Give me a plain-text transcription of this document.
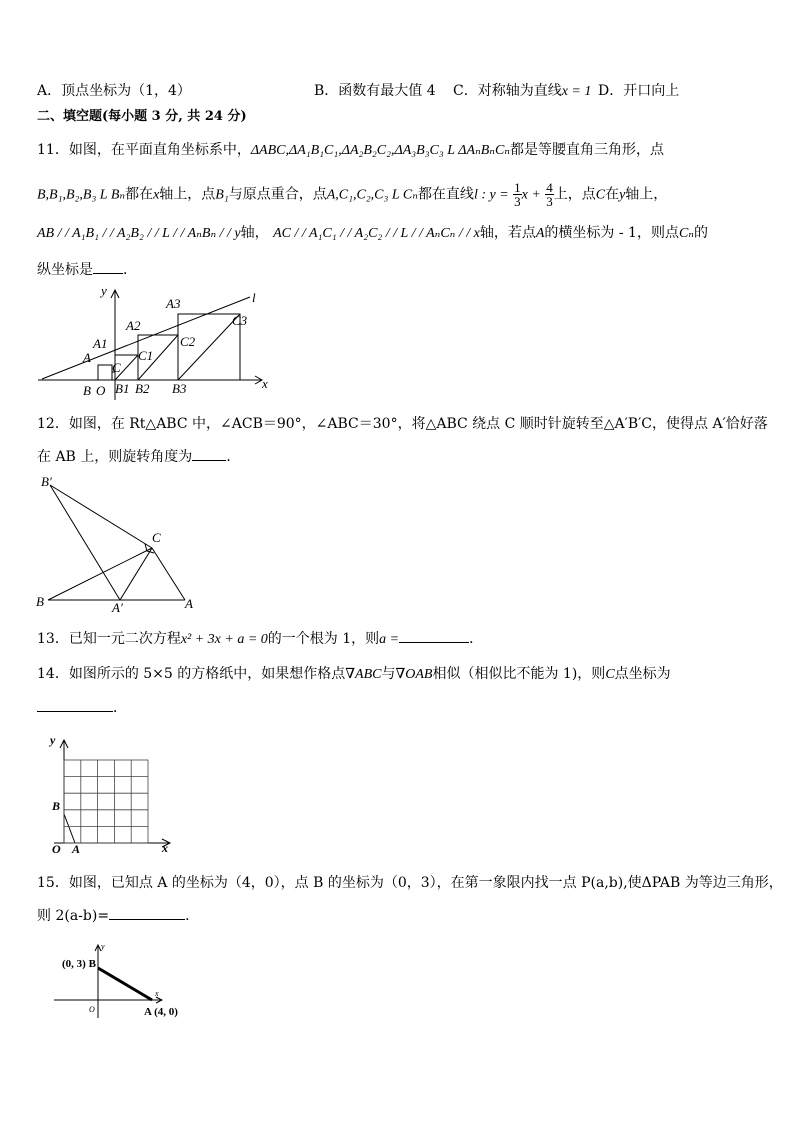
A．顶点坐标为（1，4）	B．函数有最大值 4 C．对称轴为直线x = 1 D．开口向上
二、填空题(每小题 3 分, 共 24 分)
11．如图，在平面直角坐标系中，ΔABC,ΔA₁B₁C₁,ΔA₂B₂C₂,ΔA₃B₃C₃ L ΔAₙBₙCₙ都是等腰直角三角形，点
B,B₁,B₂,B₃ L Bₙ都在x轴上，点B₁与原点重合，点A,C₁,C₂,C₃ L Cₙ都在直线l : $y = \frac{1}{3}$ $x + \frac{4}{3}$ 上，点C在y轴上，
AB / / A₁B₁ / / A₂B₂ / / L / / AₙBₙ / / y轴， AC / / A₁C₁ / / A₂C₂ / / L / / AₙCₙ / / x轴，若点A的横坐标为 - 1，则点Cₙ的
纵坐标是 ．
y
x
l
A
A1
A2
A3
C
C1
C2
C3
B O B1 B2 B3
12．如图，在 Rt△ABC 中，∠ACB＝90°，∠ABC＝30°，将△ABC 绕点 C 顺时针旋转至△A′B′C，使得点 A′恰好落
在 AB 上，则旋转角度为 ．
B′
C
B	A′	A
13．已知一元二次方程x² + 3x + a = 0的一个根为 1，则a =	．
14．如图所示的 5×5 的方格纸中，如果想作格点∇ABC与∇OAB相似（相似比不能为 1)，则C点坐标为
．
y
x
B
O A
15．如图，已知点 A 的坐标为（4，0），点 B 的坐标为（0，3），在第一象限内找一点 P(a,b),使ΔPAB 为等边三角形，
则 2(a-b)=	．
(0, 3) B
A (4, 0)
O
x
y
